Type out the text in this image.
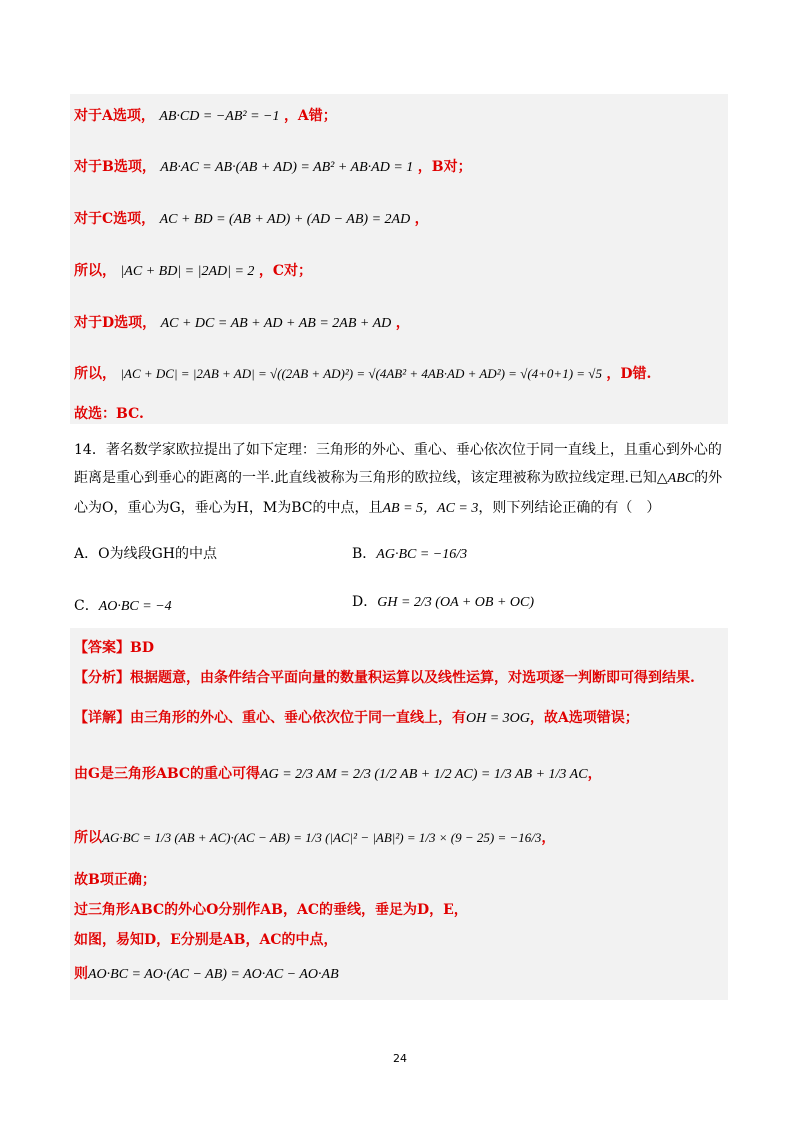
对于A选项， AB·CD = −AB² = −1 ，A错；
对于B选项， AB·AC = AB·(AB + AD) = AB² + AB·AD = 1 ，B对；
对于C选项， AC + BD = (AB + AD) + (AD − AB) = 2AD ，
所以， |AC + BD| = |2AD| = 2 ，C对；
对于D选项， AC + DC = AB + AD + AB = 2AB + AD ，
所以， |AC + DC| = |2AB + AD| = √((2AB + AD)²) = √(4AB² + 4AB·AD + AD²) = √(4+0+1) = √5 ，D错.
故选：BC.
14．著名数学家欧拉提出了如下定理：三角形的外心、重心、垂心依次位于同一直线上，且重心到外心的
距离是重心到垂心的距离的一半.此直线被称为三角形的欧拉线，该定理被称为欧拉线定理.已知△ABC的外
心为O，重心为G，垂心为H，M为BC的中点，且AB = 5，AC = 3，则下列结论正确的有（　）
A．O为线段GH的中点	B．AG·BC = −16/3
C．AO·BC = −4	D．GH = 2/3 (OA + OB + OC)
【答案】BD
【分析】根据题意，由条件结合平面向量的数量积运算以及线性运算，对选项逐一判断即可得到结果.
【详解】由三角形的外心、重心、垂心依次位于同一直线上，有OH = 3OG，故A选项错误；
由G是三角形ABC的重心可得AG = 2/3 AM = 2/3 (1/2 AB + 1/2 AC) = 1/3 AB + 1/3 AC，
所以AG·BC = 1/3 (AB + AC)·(AC − AB) = 1/3 (|AC|² − |AB|²) = 1/3 × (9 − 25) = −16/3，
故B项正确；
过三角形ABC的外心O分别作AB，AC的垂线，垂足为D，E，
如图，易知D，E分别是AB，AC的中点，
则AO·BC = AO·(AC − AB) = AO·AC − AO·AB
24
